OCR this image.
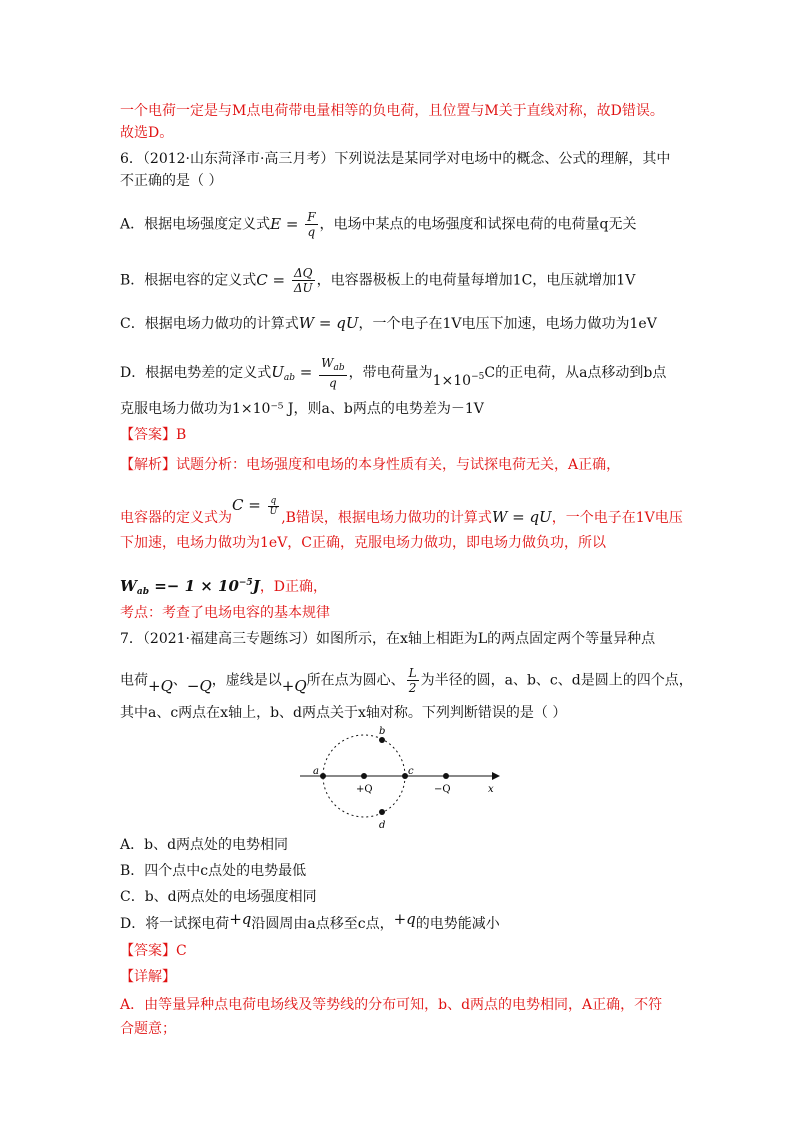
一个电荷一定是与M点电荷带电量相等的负电荷，且位置与M关于直线对称，故D错误。
故选D。
6．（2012·山东菏泽市·高三月考）下列说法是某同学对电场中的概念、公式的理解，其中
不正确的是（ ）
A．根据电场强度定义式$E = \frac{F}{q}$ ，电场中某点的电场强度和试探电荷的电荷量q无关
B．根据电容的定义式$C = \frac{\Delta Q}{\Delta U}$ ，电容器极板上的电荷量每增加1C，电压就增加1V
C．根据电场力做功的计算式W = qU，一个电子在1V电压下加速，电场力做功为1eV
D．根据电势差的定义式$U_{ab} = \frac{W_{ab}}{q}$ ，带电荷量为$1\times 10^{-5}C$的正电荷，从a点移动到b点
克服电场力做功为1×10⁻⁵ J，则a、b两点的电势差为－1V
【答案】B
【解析】试题分析：电场强度和电场的本身性质有关，与试探电荷无关，A正确，
电容器的定义式为$C = \frac{q}{U}$
,B错误，根据电场力做功的计算式W = qU，一个电子在1V电压
下加速，电场力做功为1eV，C正确，克服电场力做功，即电场力做负功，所以
$W_{ab} =- 1 \times 10^{-5}J$，D正确，
考点：考查了电场电容的基本规律
7．（2021·福建高三专题练习）如图所示，在x轴上相距为L的两点固定两个等量异种点
电荷+Q、−Q，虚线是以+Q所在点为圆心、 $\frac{L}{2}$ 为半径的圆，a、b、c、d是圆上的四个点，
其中a、c两点在x轴上，b、d两点关于x轴对称。下列判断错误的是（ ）
a
b
c
d
+Q	−Q	x
A．b、d两点处的电势相同
B．四个点中c点处的电势最低
C．b、d两点处的电场强度相同
D．将一试探电荷+q沿圆周由a点移至c点，+q的电势能减小
【答案】C
【详解】
A．由等量异种点电荷电场线及等势线的分布可知，b、d两点的电势相同，A正确，不符
合题意；
